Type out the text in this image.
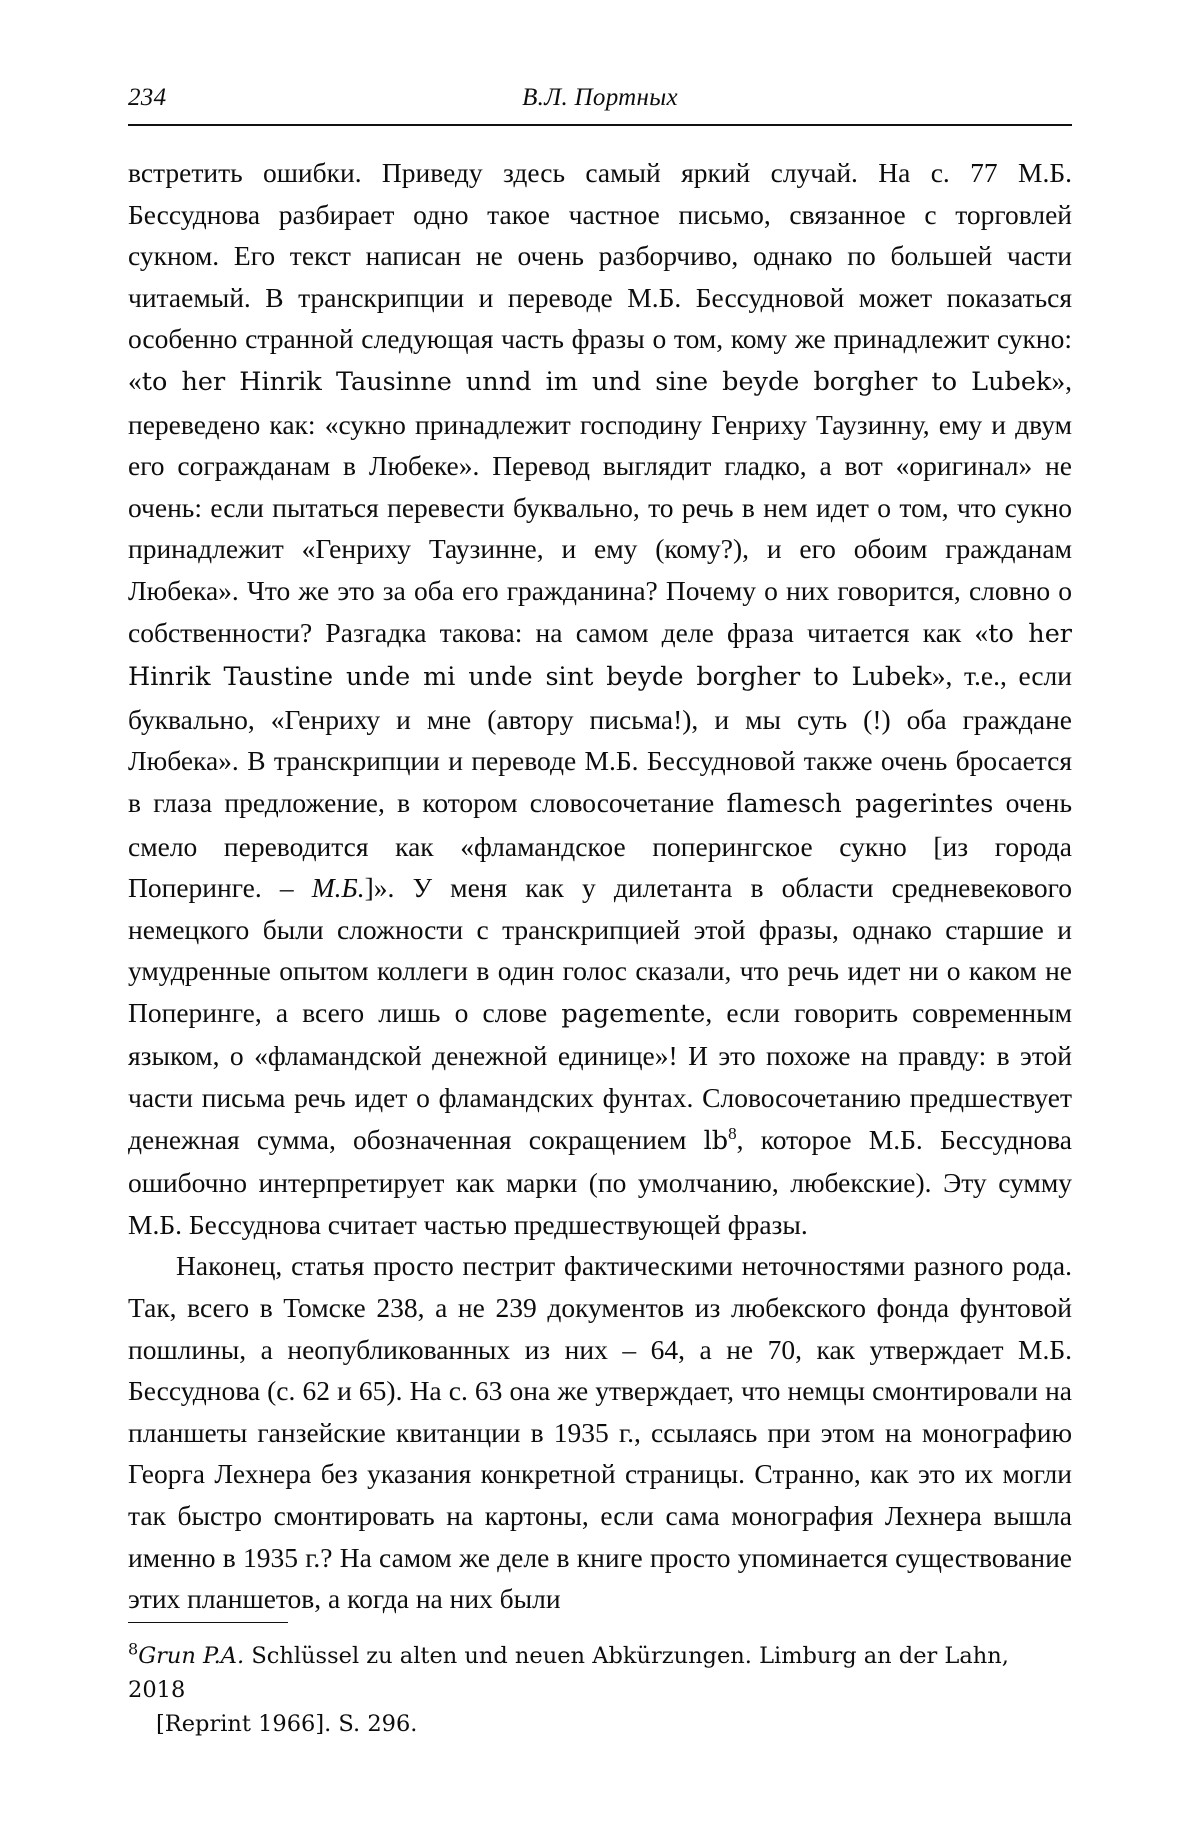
234	В.Л. Портных

встретить ошибки. Приведу здесь самый яркий случай. На с. 77 М.Б. Бессуднова разбирает одно такое частное письмо, связанное с торговлей сукном. Его текст написан не очень разборчиво, однако по большей части читаемый. В транскрипции и переводе М.Б. Бессудновой может показаться особенно странной следующая часть фразы о том, кому же принадлежит сукно: «to her Hinrik Tausinne unnd im und sine beyde borgher to Lubek», переведено как: «сукно принадлежит господину Генриху Таузинну, ему и двум его согражданам в Любеке». Перевод выглядит гладко, а вот «оригинал» не очень: если пытаться перевести буквально, то речь в нем идет о том, что сукно принадлежит «Генриху Таузинне, и ему (кому?), и его обоим гражданам Любека». Что же это за оба его гражданина? Почему о них говорится, словно о собственности? Разгадка такова: на самом деле фраза читается как «to her Hinrik Taustine unde mi unde sint beyde borgher to Lubek», т.е., если буквально, «Генриху и мне (автору письма!), и мы суть (!) оба граждане Любека». В транскрипции и переводе М.Б. Бессудновой также очень бросается в глаза предложение, в котором словосочетание flamesch pagerintes очень смело переводится как «фламандское поперингское сукно [из города Поперинге. – М.Б.]». У меня как у дилетанта в области средневекового немецкого были сложности с транскрипцией этой фразы, однако старшие и умудренные опытом коллеги в один голос сказали, что речь идет ни о каком не Поперинге, а всего лишь о слове pagemente, если говорить современным языком, о «фламандской денежной единице»! И это похоже на правду: в этой части письма речь идет о фламандских фунтах. Словосочетанию предшествует денежная сумма, обозначенная сокращением $lb^8$, которое М.Б. Бессуднова ошибочно интерпретирует как марки (по умолчанию, любекские). Эту сумму М.Б. Бессуднова считает частью предшествующей фразы.

Наконец, статья просто пестрит фактическими неточностями разного рода. Так, всего в Томске 238, а не 239 документов из любекского фонда фунтовой пошлины, а неопубликованных из них – 64, а не 70, как утверждает М.Б. Бессуднова (с. 62 и 65). На с. 63 она же утверждает, что немцы смонтировали на планшеты ганзейские квитанции в 1935 г., ссылаясь при этом на монографию Георга Лехнера без указания конкретной страницы. Странно, как это их могли так быстро смонтировать на картоны, если сама монография Лехнера вышла именно в 1935 г.? На самом же деле в книге просто упоминается существование этих планшетов, а когда на них были

$^8$Grun P.A. Schlüssel zu alten und neuen Abkürzungen. Limburg an der Lahn, 2018
[Reprint 1966]. S. 296.
